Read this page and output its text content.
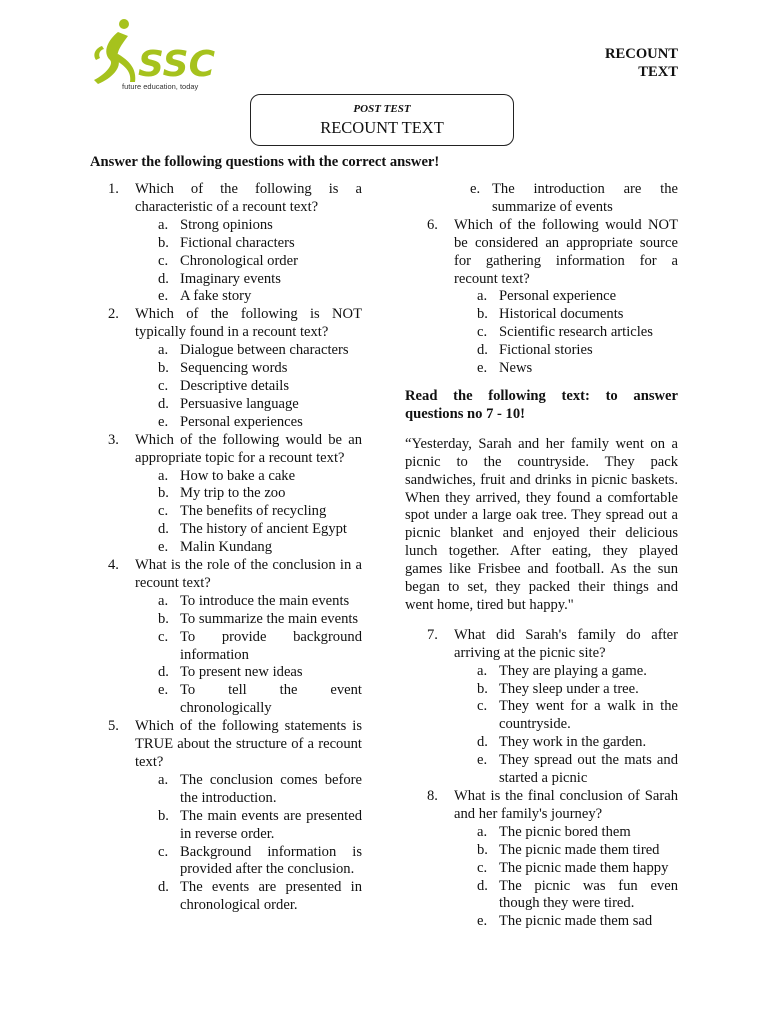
SSC
future education, today
RECOUNT
TEXT
POST TEST
RECOUNT TEXT
Answer the following questions with the correct answer!
1.	Which of the following is a characteristic of a recount text?
a. Strong opinions
b. Fictional characters
c. Chronological order
d. Imaginary events
e. A fake story
2.	Which of the following is NOT typically found in a recount text?
a. Dialogue between characters
b. Sequencing words
c. Descriptive details
d. Persuasive language
e. Personal experiences
3.	Which of the following would be an appropriate topic for a recount text?
a. How to bake a cake
b. My trip to the zoo
c. The benefits of recycling
d. The history of ancient Egypt
e. Malin Kundang
4.	What is the role of the conclusion in a recount text?
a. To introduce the main events
b. To summarize the main events
c. To provide background information
d. To present new ideas
e. To tell the event chronologically
5.	Which of the following statements is TRUE about the structure of a recount text?
a. The conclusion comes before the introduction.
b. The main events are presented in reverse order.
c. Background information is provided after the conclusion.
d. The events are presented in chronological order.
e. The introduction are the summarize of events
6.	Which of the following would NOT be considered an appropriate source for gathering information for a recount text?
a. Personal experience
b. Historical documents
c. Scientific research articles
d. Fictional stories
e. News
Read the following text: to answer questions no 7 - 10!
“Yesterday, Sarah and her family went on a picnic to the countryside. They pack sandwiches, fruit and drinks in picnic baskets. When they arrived, they found a comfortable spot under a large oak tree. They spread out a picnic blanket and enjoyed their delicious lunch together. After eating, they played games like Frisbee and football. As the sun began to set, they packed their things and went home, tired but happy."
7.	What did Sarah's family do after arriving at the picnic site?
a. They are playing a game.
b. They sleep under a tree.
c. They went for a walk in the countryside.
d. They work in the garden.
e. They spread out the mats and started a picnic
8.	What is the final conclusion of Sarah and her family's journey?
a. The picnic bored them
b. The picnic made them tired
c. The picnic made them happy
d. The picnic was fun even though they were tired.
e. The picnic made them sad
